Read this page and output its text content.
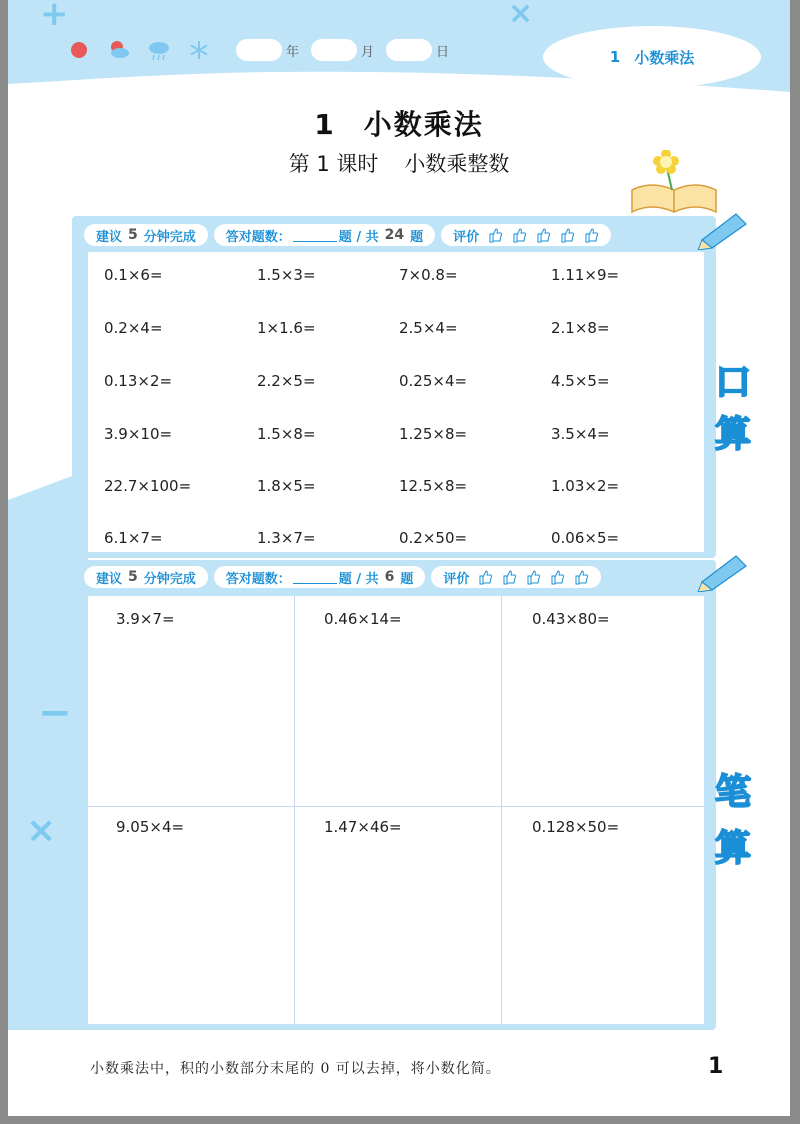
+	×
−
×
年	月	日	1 小数乘法
1 小数乘法
第 1 课时 小数乘整数
建议 5 分钟完成 答对题数：	题 / 共 24 题 评价
0.1×6=	1.5×3=	7×0.8=	1.11×9=
0.2×4=	1×1.6=	2.5×4=	2.1×8=
0.13×2=	2.2×5=	0.25×4=	4.5×5=
3.9×10=	1.5×8=	1.25×8=	3.5×4=
22.7×100=	1.8×5=	12.5×8=	1.03×2=
6.1×7=	1.3×7=	0.2×50=	0.06×5=
口
算
建议 5 分钟完成 答对题数：	题 / 共 6 题 评价
3.9×7=	0.46×14=	0.43×80=
9.05×4=	1.47×46=	0.128×50=
笔
算
小数乘法中，积的小数部分末尾的 0 可以去掉，将小数化简。	1
